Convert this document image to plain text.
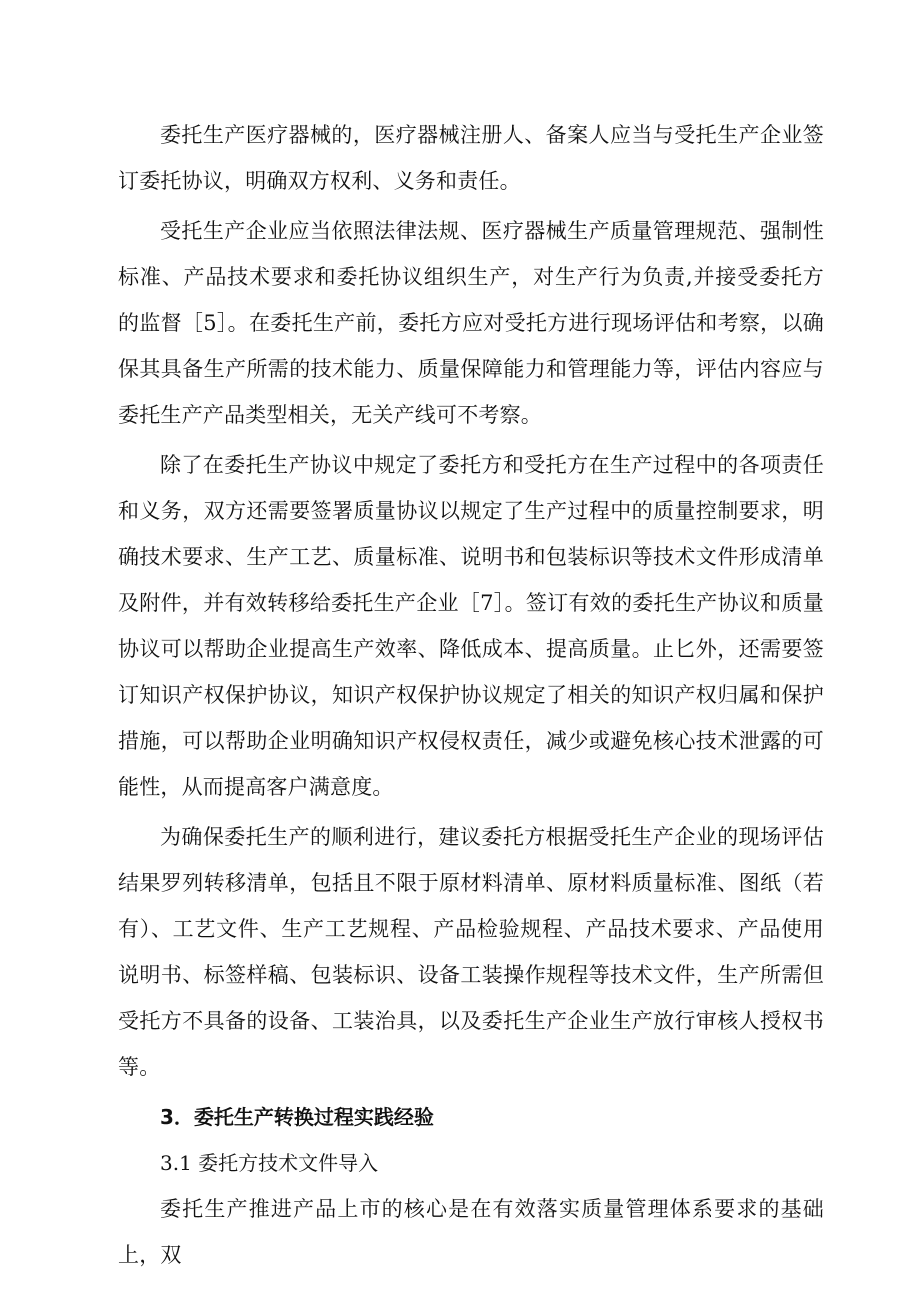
委托生产医疗器械的，医疗器械注册人、备案人应当与受托生产企业签订委托协议，明确双方权利、义务和责任。

受托生产企业应当依照法律法规、医疗器械生产质量管理规范、强制性标准、产品技术要求和委托协议组织生产，对生产行为负责,并接受委托方的监督［5］。在委托生产前，委托方应对受托方进行现场评估和考察，以确保其具备生产所需的技术能力、质量保障能力和管理能力等，评估内容应与委托生产产品类型相关，无关产线可不考察。

除了在委托生产协议中规定了委托方和受托方在生产过程中的各项责任和义务，双方还需要签署质量协议以规定了生产过程中的质量控制要求，明确技术要求、生产工艺、质量标准、说明书和包装标识等技术文件形成清单及附件，并有效转移给委托生产企业［7］。签订有效的委托生产协议和质量协议可以帮助企业提高生产效率、降低成本、提高质量。止匕外，还需要签订知识产权保护协议，知识产权保护协议规定了相关的知识产权归属和保护措施，可以帮助企业明确知识产权侵权责任，减少或避免核心技术泄露的可能性，从而提高客户满意度。

为确保委托生产的顺利进行，建议委托方根据受托生产企业的现场评估结果罗列转移清单，包括且不限于原材料清单、原材料质量标准、图纸（若有）、工艺文件、生产工艺规程、产品检验规程、产品技术要求、产品使用说明书、标签样稿、包装标识、设备工装操作规程等技术文件，生产所需但受托方不具备的设备、工装治具，以及委托生产企业生产放行审核人授权书等。

3．委托生产转换过程实践经验

3.1 委托方技术文件导入

委托生产推进产品上市的核心是在有效落实质量管理体系要求的基础上，双
